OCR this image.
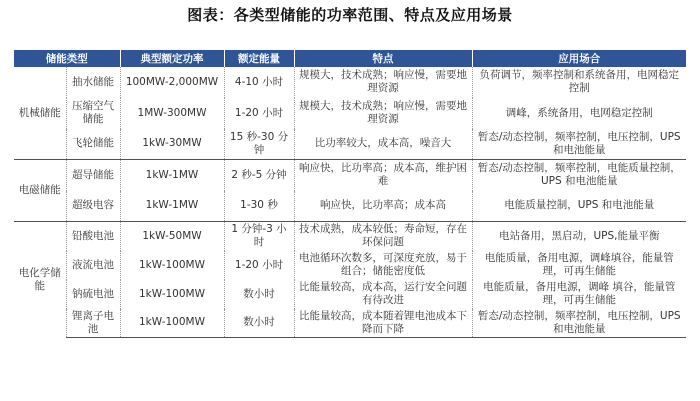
图表：各类型储能的功率范围、特点及应用场景
储能类型		典型额定功率	额定能量	特点	应用场合
机械储能	抽水储能	100MW-2,000MW	4-10 小时	规模大，技术成熟；响应慢，需要地理资源	负荷调节，频率控制和系统备用，电网稳定控制
	压缩空气储能	1MW-300MW	1-20 小时	规模大，技术成熟；响应慢，需要地理资源	调峰，系统备用，电网稳定控制
	飞轮储能	1kW-30MW	15 秒-30 分钟	比功率较大，成本高，噪音大	暂态/动态控制，频率控制，电压控制，UPS 和电池能量
电磁储能	超导储能	1kW-1MW	2 秒-5 分钟	响应快，比功率高；成本高，维护困难	暂态/动态控制，频率控制，电能质量控制，UPS 和电池能量
	超级电容	1kW-1MW	1-30 秒	响应快，比功率高；成本高	电能质量控制，UPS 和电池能量
电化学储能	铅酸电池	1kW-50MW	1 分钟-3 小时	技术成熟，成本较低；寿命短，存在环保问题	电站备用，黑启动，UPS,能量平衡
	液流电池	1kW-100MW	1-20 小时	电池循环次数多，可深度充放，易于组合；储能密度低	电能质量，备用电源，调峰填谷，能量管理，可再生储能
	钠硫电池	1kW-100MW	数小时	比能量较高，成本高，运行安全问题有待改进	电能质量，备用电源，调峰 填谷，能量管理，可再生储能
	锂离子电池	1kW-100MW	数小时	比能量较高，成本随着锂电池成本下降而下降	暂态/动态控制，频率控制，电压控制，UPS 和电池能量
